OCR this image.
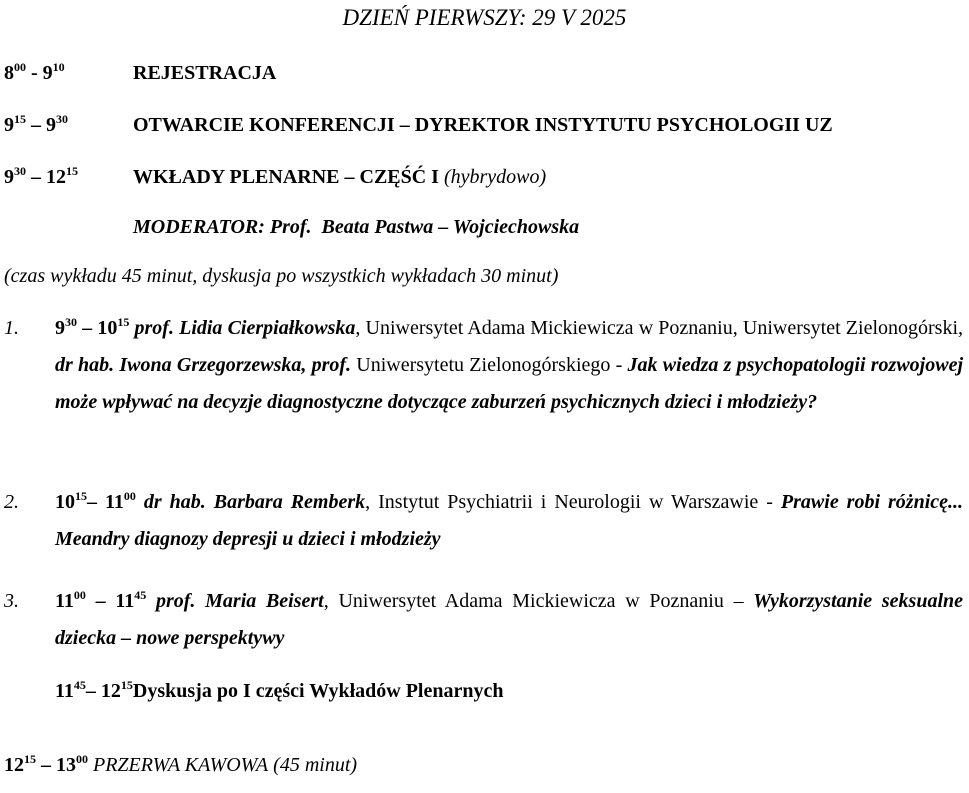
DZIEŃ PIERWSZY: 29 V 2025
$8^{00} - 9^{10}$	REJESTRACJA
$9^{15} - 9^{30}$	OTWARCIE KONFERENCJI – DYREKTOR INSTYTUTU PSYCHOLOGII UZ
$9^{30} - 12^{15}$	WKŁADY PLENARNE – CZĘŚĆ I (hybrydowo)
MODERATOR: Prof.  Beata Pastwa – Wojciechowska
(czas wykładu 45 minut, dyskusja po wszystkich wykładach 30 minut)
1. $9^{30} - 10^{15}$ prof. Lidia Cierpiałkowska, Uniwersytet Adama Mickiewicza w Poznaniu, Uniwersytet Zielonogórski, dr hab. Iwona Grzegorzewska, prof. Uniwersytetu Zielonogórskiego - Jak wiedza z psychopatologii rozwojowej może wpływać na decyzje diagnostyczne dotyczące zaburzeń psychicznych dzieci i młodzieży?
2. $10^{15}-$ $11^{00}$ dr hab. Barbara Remberk, Instytut Psychiatrii i Neurologii w Warszawie - Prawie robi różnicę... Meandry diagnozy depresji u dzieci i młodzieży
3. $11^{00} - 11^{45}$ prof. Maria Beisert, Uniwersytet Adama Mickiewicza w Poznaniu – Wykorzystanie seksualne dziecka – nowe perspektywy
$11^{45}-$ $12^{15}Dyskusja$ po I części Wykładów Plenarnych
$12^{15} - 13^{00}$ PRZERWA KAWOWA (45 minut)
